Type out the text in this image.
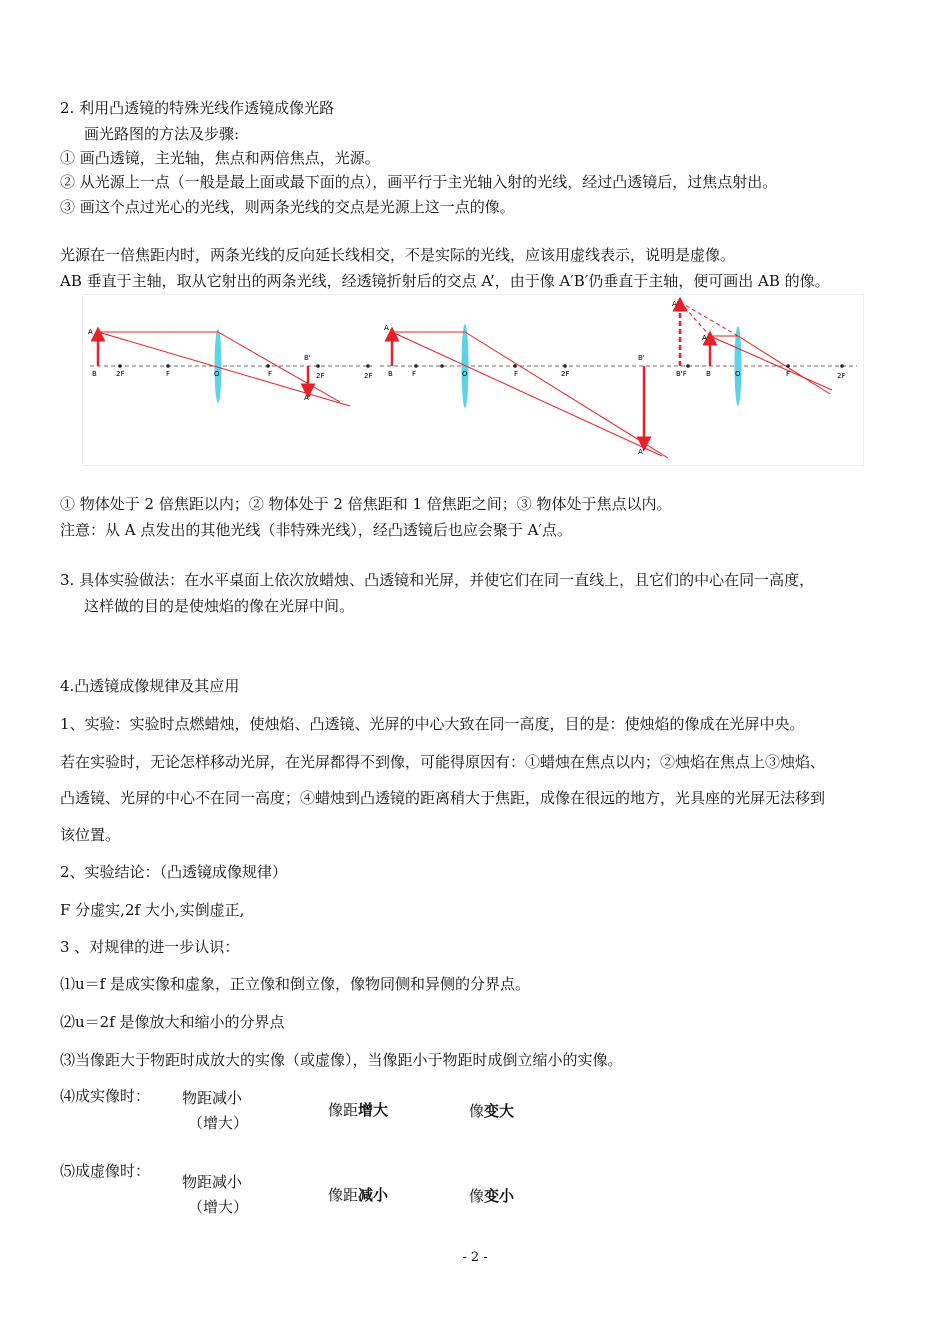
2. 利用凸透镜的特殊光线作透镜成像光路
画光路图的方法及步骤:
① 画凸透镜，主光轴，焦点和两倍焦点，光源。
② 从光源上一点（一般是最上面或最下面的点），画平行于主光轴入射的光线，经过凸透镜后，过焦点射出。
③ 画这个点过光心的光线，则两条光线的交点是光源上这一点的像。
光源在一倍焦距内时，两条光线的反向延长线相交，不是实际的光线，应该用虚线表示，说明是虚像。
AB 垂直于主轴，取从它射出的两条光线，经透镜折射后的交点 A’，由于像 A′B′仍垂直于主轴，便可画出 AB 的像。
A
B	2F	F	O	F
B'
2F	2F
A'
A
B	F	O	F	2F
B'
A'
A'
A
B'F	B	O	F	2F
① 物体处于 2 倍焦距以内；② 物体处于 2 倍焦距和 1 倍焦距之间；③ 物体处于焦点以内。
注意：从 A 点发出的其他光线（非特殊光线），经凸透镜后也应会聚于 A′点。
3. 具体实验做法：在水平桌面上依次放蜡烛、凸透镜和光屏，并使它们在同一直线上，且它们的中心在同一高度，
这样做的目的是使烛焰的像在光屏中间。
4.凸透镜成像规律及其应用
1、实验：实验时点燃蜡烛，使烛焰、凸透镜、光屏的中心大致在同一高度，目的是：使烛焰的像成在光屏中央。
若在实验时，无论怎样移动光屏，在光屏都得不到像，可能得原因有：①蜡烛在焦点以内；②烛焰在焦点上③烛焰、
凸透镜、光屏的中心不在同一高度；④蜡烛到凸透镜的距离稍大于焦距，成像在很远的地方，光具座的光屏无法移到
该位置。
2、实验结论：（凸透镜成像规律）
F 分虚实,2f 大小,实倒虚正,
3 、对规律的进一步认识：
⑴u＝f 是成实像和虚象，正立像和倒立像，像物同侧和异侧的分界点。
⑵u＝2f 是像放大和缩小的分界点
⑶当像距大于物距时成放大的实像（或虚像），当像距小于物距时成倒立缩小的实像。
⑷成实像时： 物距减小
（增大）
像距增大	像变大
⑸成虚像时：
物距减小
（增大）
像距减小	像变小
- 2 -
